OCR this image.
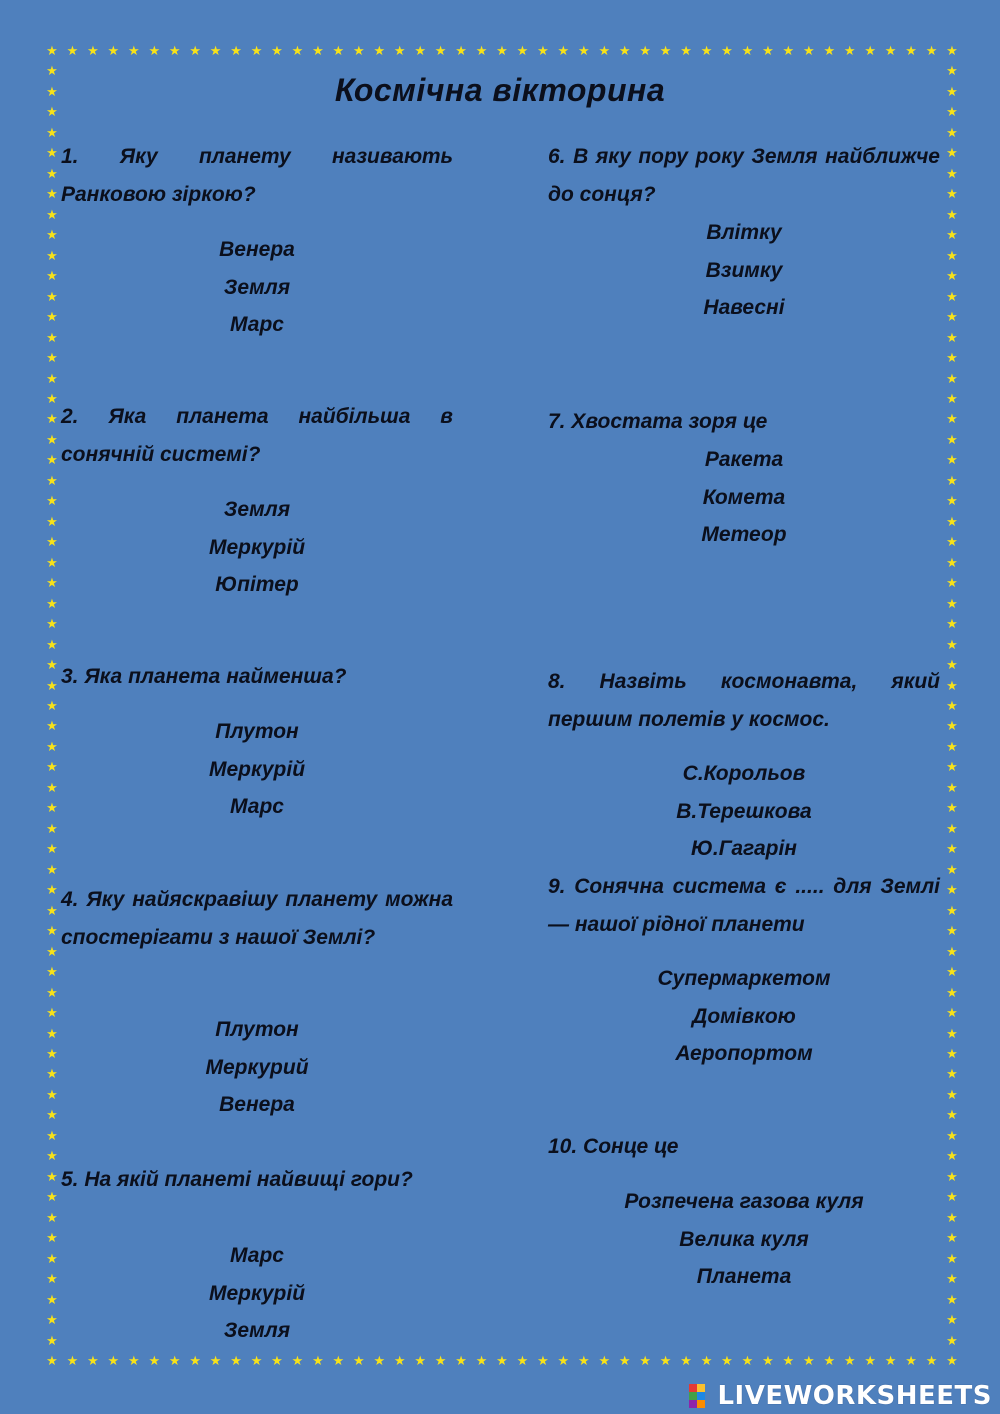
★
★
★
★
★
★
★
★
★
★
★
★
★
★
★
★
★
★
★
★
★
★
★
★
★
★
★
★
★
★
★
★
★
★
★
★
★
★
★
★
★
★
★
★
★
★
★
★
★
★
★
★
★
★
★
★
★
★
★
★
★
★
★
★
★
★
★
★
★
★
★
★
★
★
★
★
★
★
★
★
★
★
★
★
★
★
★
★
★
★
★	★
★	★
★	★
★	★
★	★
★	★
★	★
★	★
★	★
★	★
★	★
★	★
★	★
★	★
★	★
★	★
★	★
★	★
★	★
★	★
★	★
★	★
★	★
★	★
★	★
★	★
★	★
★	★
★	★
★	★
★	★
★	★
★	★
★	★
★	★
★	★
★	★
★	★
★	★
★	★
★	★
★	★
★	★
★	★
★	★
★	★
★	★
★	★
★	★
★	★
★	★
★	★
★	★
★	★
★	★
★	★
★	★
★	★
★	★
★	★
★	★
★	★
★	★
Космічна вікторина
1. Яку планету називають Ранковою зіркою?
Венера
Земля
Марс
2. Яка планета найбільша в сонячній системі?
Земля
Меркурій
Юпітер
3. Яка планета найменша?
Плутон
Меркурій
Марс
4. Яку найяскравішу планету можна спостерігати з нашої Землі?
Плутон
Меркурий
Венера
5. На якій планеті найвищі гори?
Марс
Меркурій
Земля
6. В яку пору року Земля найближче до сонця?
Влітку
Взимку
Навесні
7. Хвостата зоря це
Ракета
Комета
Метеор
8. Назвіть космонавта, який першим полетів у космос.
С.Корольов
В.Терешкова
Ю.Гагарін
9. Сонячна система є ..... для Землі — нашої рідної планети
Супермаркетом
Домівкою
Аеропортом
10. Сонце це
Розпечена газова куля
Велика куля
Планета
LIVEWORKSHEETS
